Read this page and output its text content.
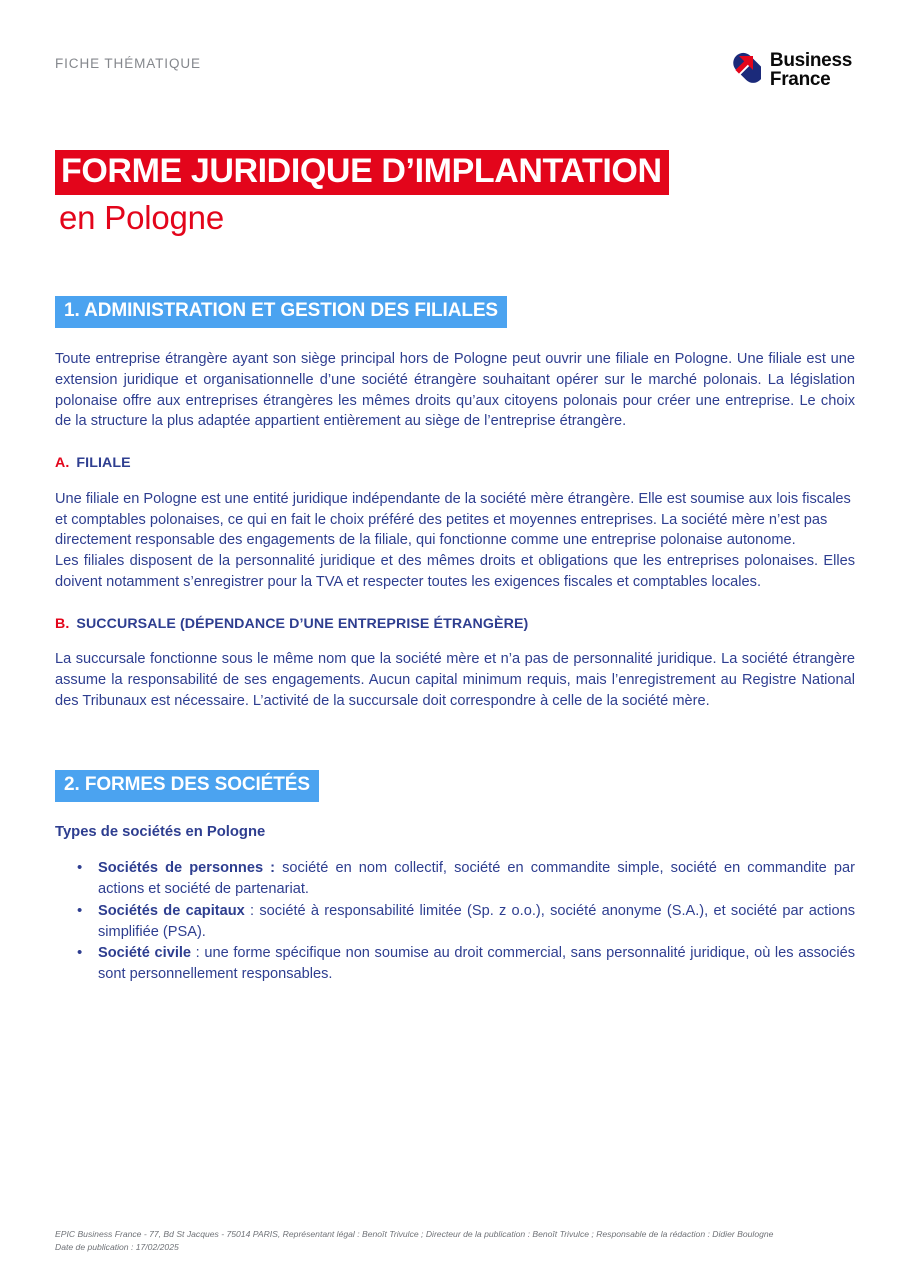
FICHE THÉMATIQUE	Business
France
FORME JURIDIQUE D’IMPLANTATION
en Pologne
1. ADMINISTRATION ET GESTION DES FILIALES

Toute entreprise étrangère ayant son siège principal hors de Pologne peut ouvrir une filiale en Pologne. Une filiale est une extension juridique et organisationnelle d’une société étrangère souhaitant opérer sur le marché polonais. La législation polonaise offre aux entreprises étrangères les mêmes droits qu’aux citoyens polonais pour créer une entreprise. Le choix de la structure la plus adaptée appartient entièrement au siège de l’entreprise étrangère.

A. FILIALE

Une filiale en Pologne est une entité juridique indépendante de la société mère étrangère. Elle est soumise aux lois fiscales et comptables polonaises, ce qui en fait le choix préféré des petites et moyennes entreprises. La société mère n’est pas directement responsable des engagements de la filiale, qui fonctionne comme une entreprise polonaise autonome.

Les filiales disposent de la personnalité juridique et des mêmes droits et obligations que les entreprises polonaises. Elles doivent notamment s’enregistrer pour la TVA et respecter toutes les exigences fiscales et comptables locales.

B. SUCCURSALE (DÉPENDANCE D’UNE ENTREPRISE ÉTRANGÈRE)

La succursale fonctionne sous le même nom que la société mère et n’a pas de personnalité juridique. La société étrangère assume la responsabilité de ses engagements. Aucun capital minimum requis, mais l’enregistrement au Registre National des Tribunaux est nécessaire. L’activité de la succursale doit correspondre à celle de la société mère.

2. FORMES DES SOCIÉTÉS

Types de sociétés en Pologne

• Sociétés de personnes : société en nom collectif, société en commandite simple, société en commandite par actions et société de partenariat.
• Sociétés de capitaux : société à responsabilité limitée (Sp. z o.o.), société anonyme (S.A.), et société par actions simplifiée (PSA).
• Société civile : une forme spécifique non soumise au droit commercial, sans personnalité juridique, où les associés sont personnellement responsables.
EPIC Business France - 77, Bd St Jacques - 75014 PARIS, Représentant légal : Benoît Trivulce ; Directeur de la publication : Benoît Trivulce ; Responsable de la rédaction : Didier Boulogne
Date de publication : 17/02/2025
